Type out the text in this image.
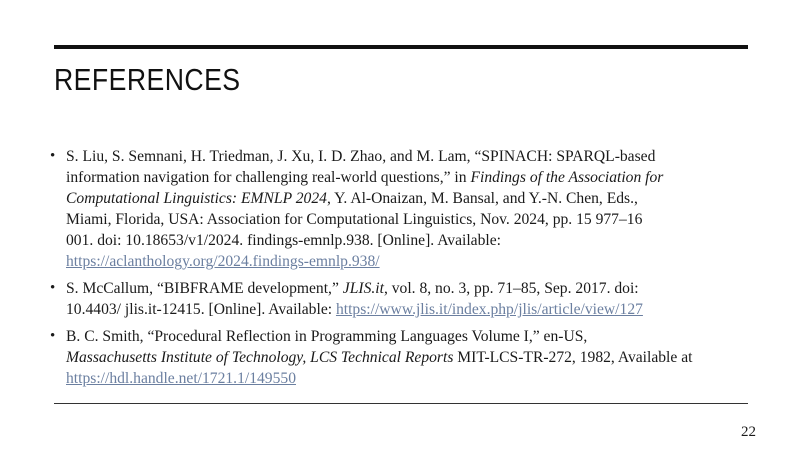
REFERENCES
• S. Liu, S. Semnani, H. Triedman, J. Xu, I. D. Zhao, and M. Lam, “SPINACH: SPARQL-based
information navigation for challenging real-world questions,” in Findings of the Association for
Computational Linguistics: EMNLP 2024, Y. Al-Onaizan, M. Bansal, and Y.-N. Chen, Eds.,
Miami, Florida, USA: Association for Computational Linguistics, Nov. 2024, pp. 15 977–16
001. doi: 10.18653/v1/2024. findings-emnlp.938. [Online]. Available:
https://aclanthology.org/2024.findings-emnlp.938/
• S. McCallum, “BIBFRAME development,” JLIS.it, vol. 8, no. 3, pp. 71–85, Sep. 2017. doi:
10.4403/ jlis.it-12415. [Online]. Available: https://www.jlis.it/index.php/jlis/article/view/127
• B. C. Smith, “Procedural Reflection in Programming Languages Volume I,” en-US,
Massachusetts Institute of Technology, LCS Technical Reports MIT-LCS-TR-272, 1982, Available at
https://hdl.handle.net/1721.1/149550
22
